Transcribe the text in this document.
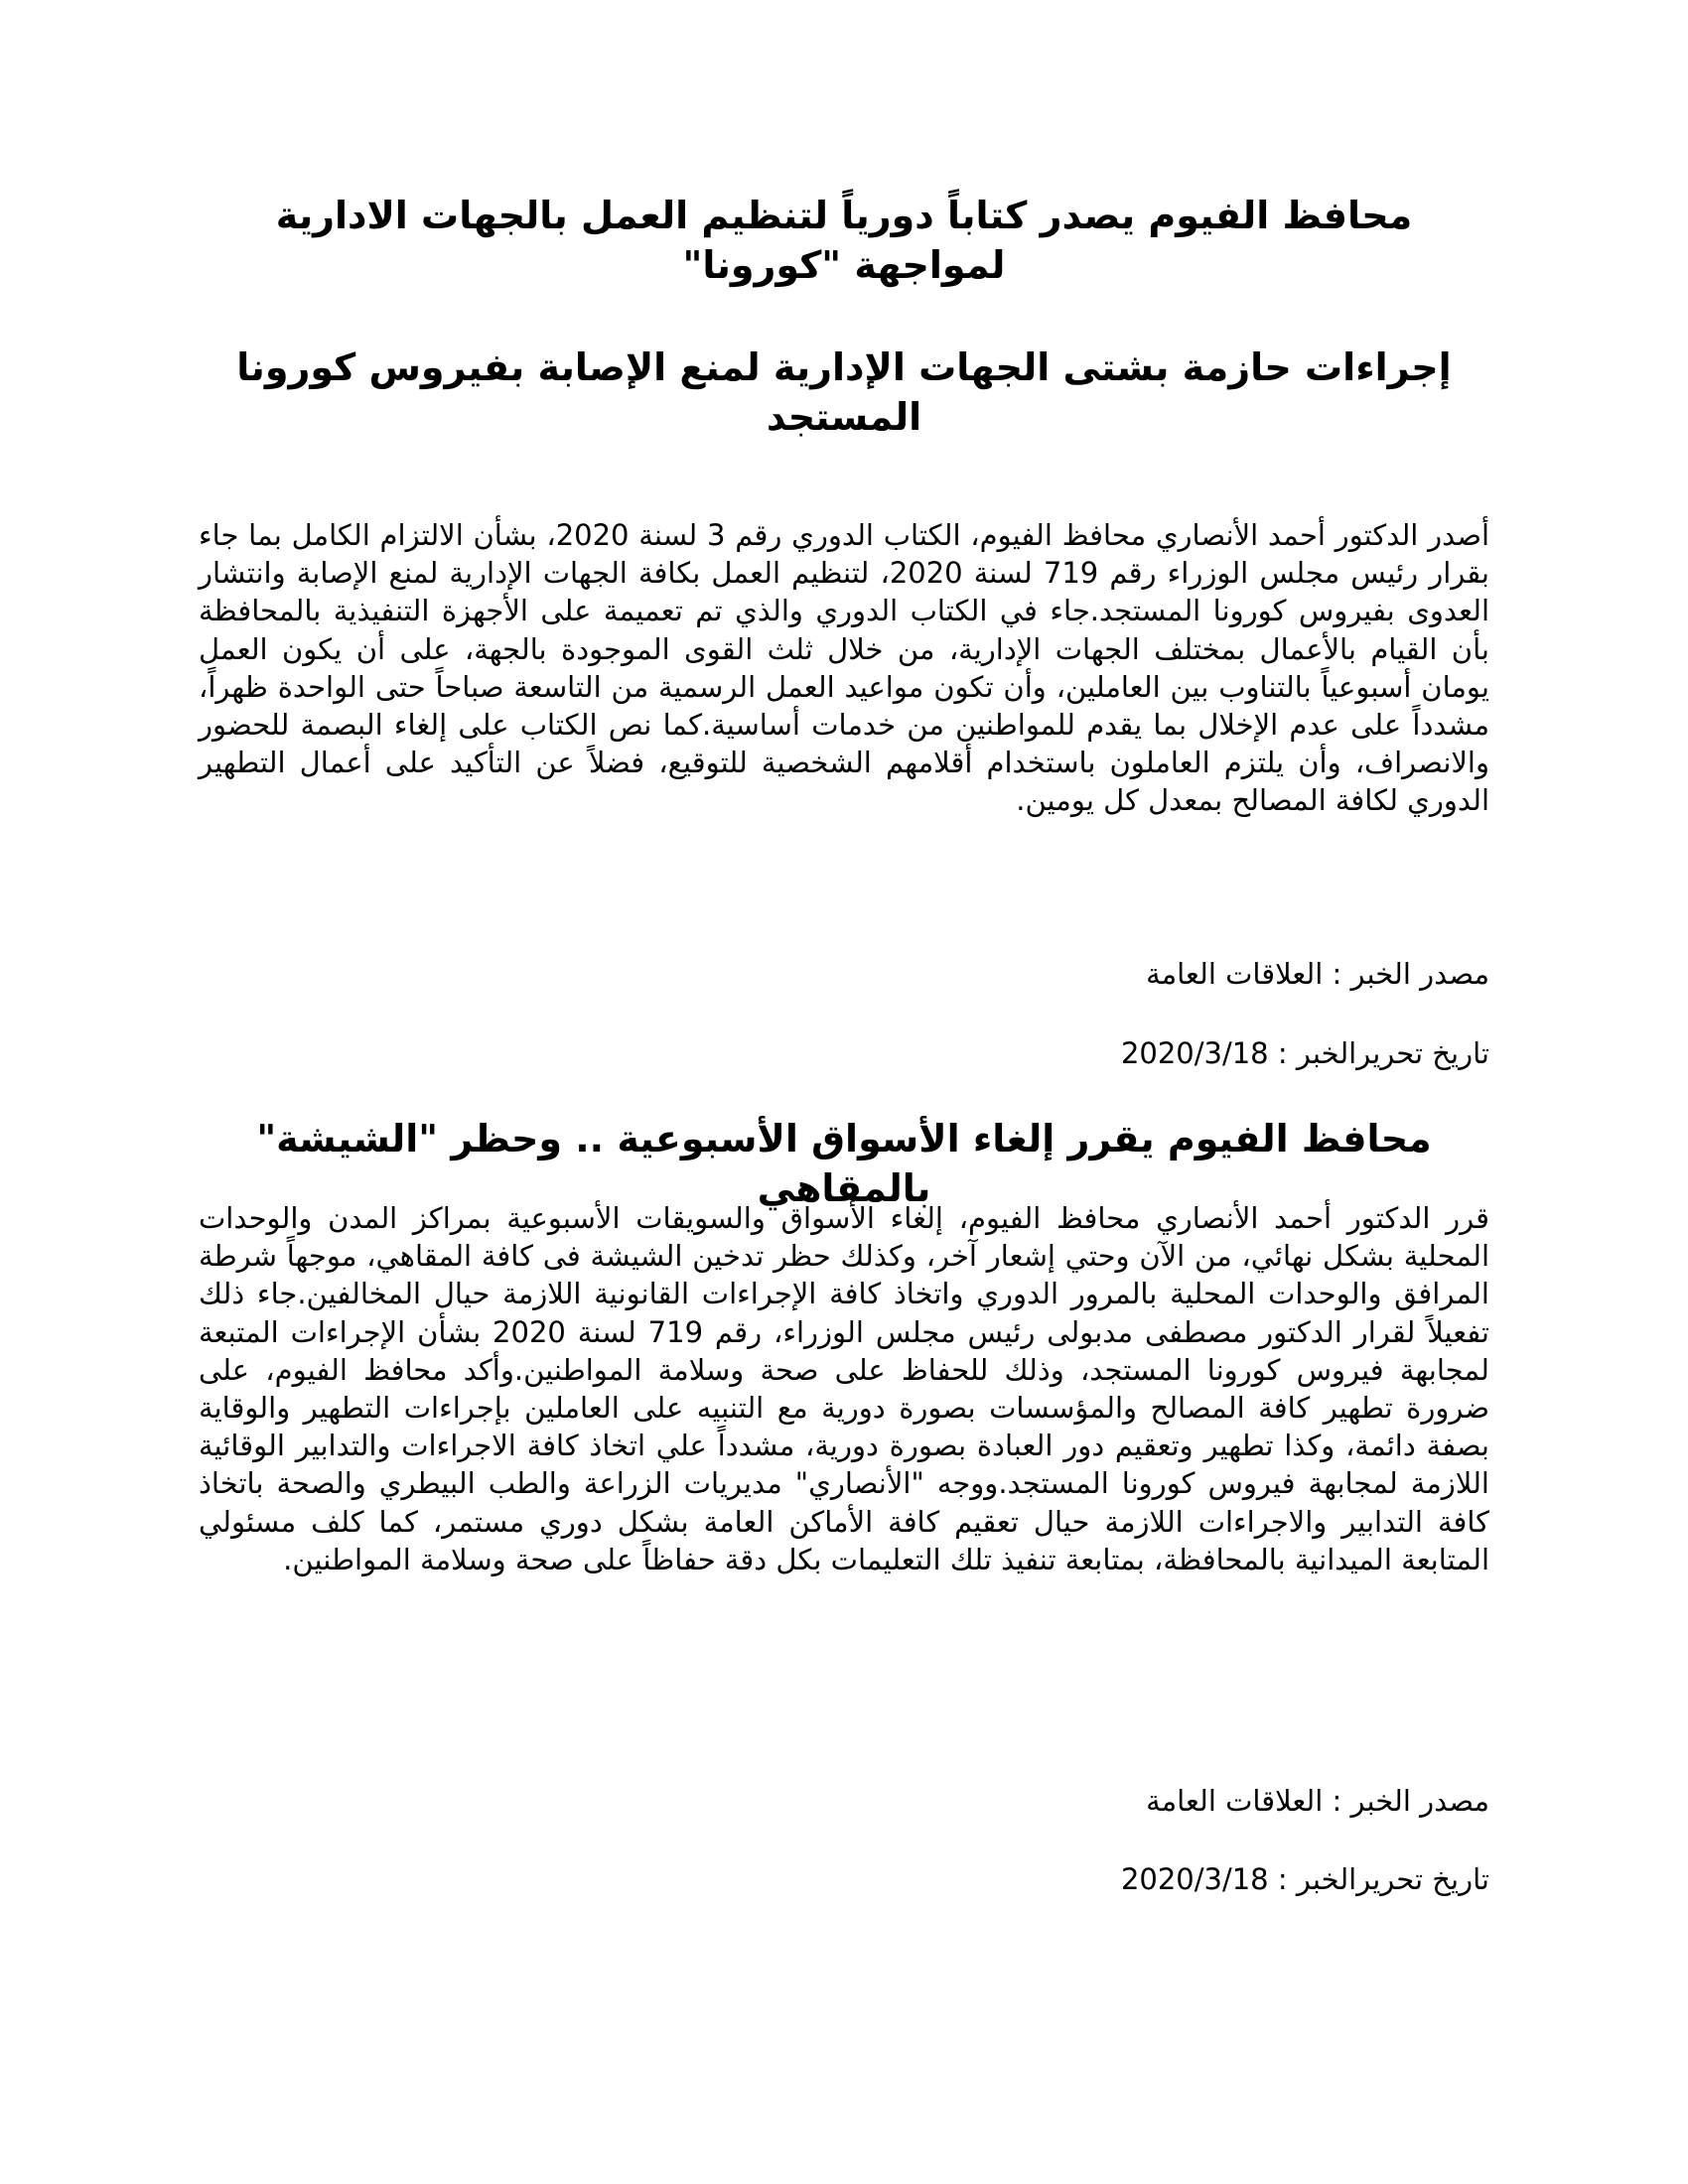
محافظ الفيوم يصدر كتاباً دورياً لتنظيم العمل بالجهات الادارية لمواجهة "كورونا"
إجراءات حازمة بشتى الجهات الإدارية لمنع الإصابة بفيروس كورونا المستجد

أصدر الدكتور أحمد الأنصاري محافظ الفيوم، الكتاب الدوري رقم 3 لسنة 2020، بشأن الالتزام الكامل بما جاء بقرار رئيس مجلس الوزراء رقم 719 لسنة 2020، لتنظيم العمل بكافة الجهات الإدارية لمنع الإصابة وانتشار العدوى بفيروس كورونا المستجد.جاء في الكتاب الدوري والذي تم تعميمة على الأجهزة التنفيذية بالمحافظة بأن القيام بالأعمال بمختلف الجهات الإدارية، من خلال ثلث القوى الموجودة بالجهة، على أن يكون العمل يومان أسبوعياً بالتناوب بين العاملين، وأن تكون مواعيد العمل الرسمية من التاسعة صباحاً حتى الواحدة ظهراً، مشدداً على عدم الإخلال بما يقدم للمواطنين من خدمات أساسية.كما نص الكتاب على إلغاء البصمة للحضور والانصراف، وأن يلتزم العاملون باستخدام أقلامهم الشخصية للتوقيع، فضلاً عن التأكيد على أعمال التطهير الدوري لكافة المصالح بمعدل كل يومين.

مصدر الخبر : العلاقات العامة

تاريخ تحريرالخبر : 2020/3/18

محافظ الفيوم يقرر إلغاء الأسواق الأسبوعية .. وحظر "الشيشة" بالمقاهي

قرر الدكتور أحمد الأنصاري محافظ الفيوم، إلغاء الأسواق والسويقات الأسبوعية بمراكز المدن والوحدات المحلية بشكل نهائي، من الآن وحتي إشعار آخر، وكذلك حظر تدخين الشيشة فى كافة المقاهي، موجهاً شرطة المرافق والوحدات المحلية بالمرور الدوري واتخاذ كافة الإجراءات القانونية اللازمة حيال المخالفين.جاء ذلك تفعيلاً لقرار الدكتور مصطفى مدبولى رئيس مجلس الوزراء، رقم 719 لسنة 2020 بشأن الإجراءات المتبعة لمجابهة فيروس كورونا المستجد، وذلك للحفاظ على صحة وسلامة المواطنين.وأكد محافظ الفيوم، على ضرورة تطهير كافة المصالح والمؤسسات بصورة دورية مع التنبيه على العاملين بإجراءات التطهير والوقاية بصفة دائمة، وكذا تطهير وتعقيم دور العبادة بصورة دورية، مشدداً علي اتخاذ كافة الاجراءات والتدابير الوقائية اللازمة لمجابهة فيروس كورونا المستجد.ووجه "الأنصاري" مديريات الزراعة والطب البيطري والصحة باتخاذ كافة التدابير والاجراءات اللازمة حيال تعقيم كافة الأماكن العامة بشكل دوري مستمر، كما كلف مسئولي المتابعة الميدانية بالمحافظة، بمتابعة تنفيذ تلك التعليمات بكل دقة حفاظاً على صحة وسلامة المواطنين.

مصدر الخبر : العلاقات العامة

تاريخ تحريرالخبر : 2020/3/18
